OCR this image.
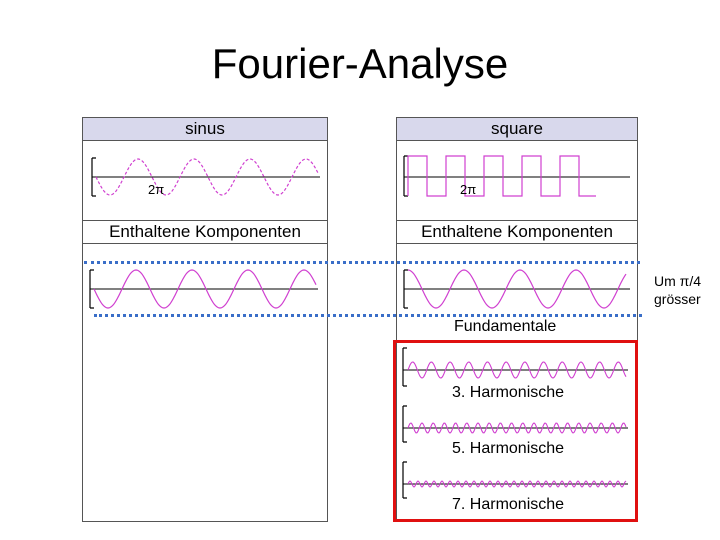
Fourier-Analyse
sinus
2π
Enthaltene Komponenten
square
2π
Enthaltene Komponenten
Fundamentale
3. Harmonische
5. Harmonische
7. Harmonische
Um π/4
grösser
